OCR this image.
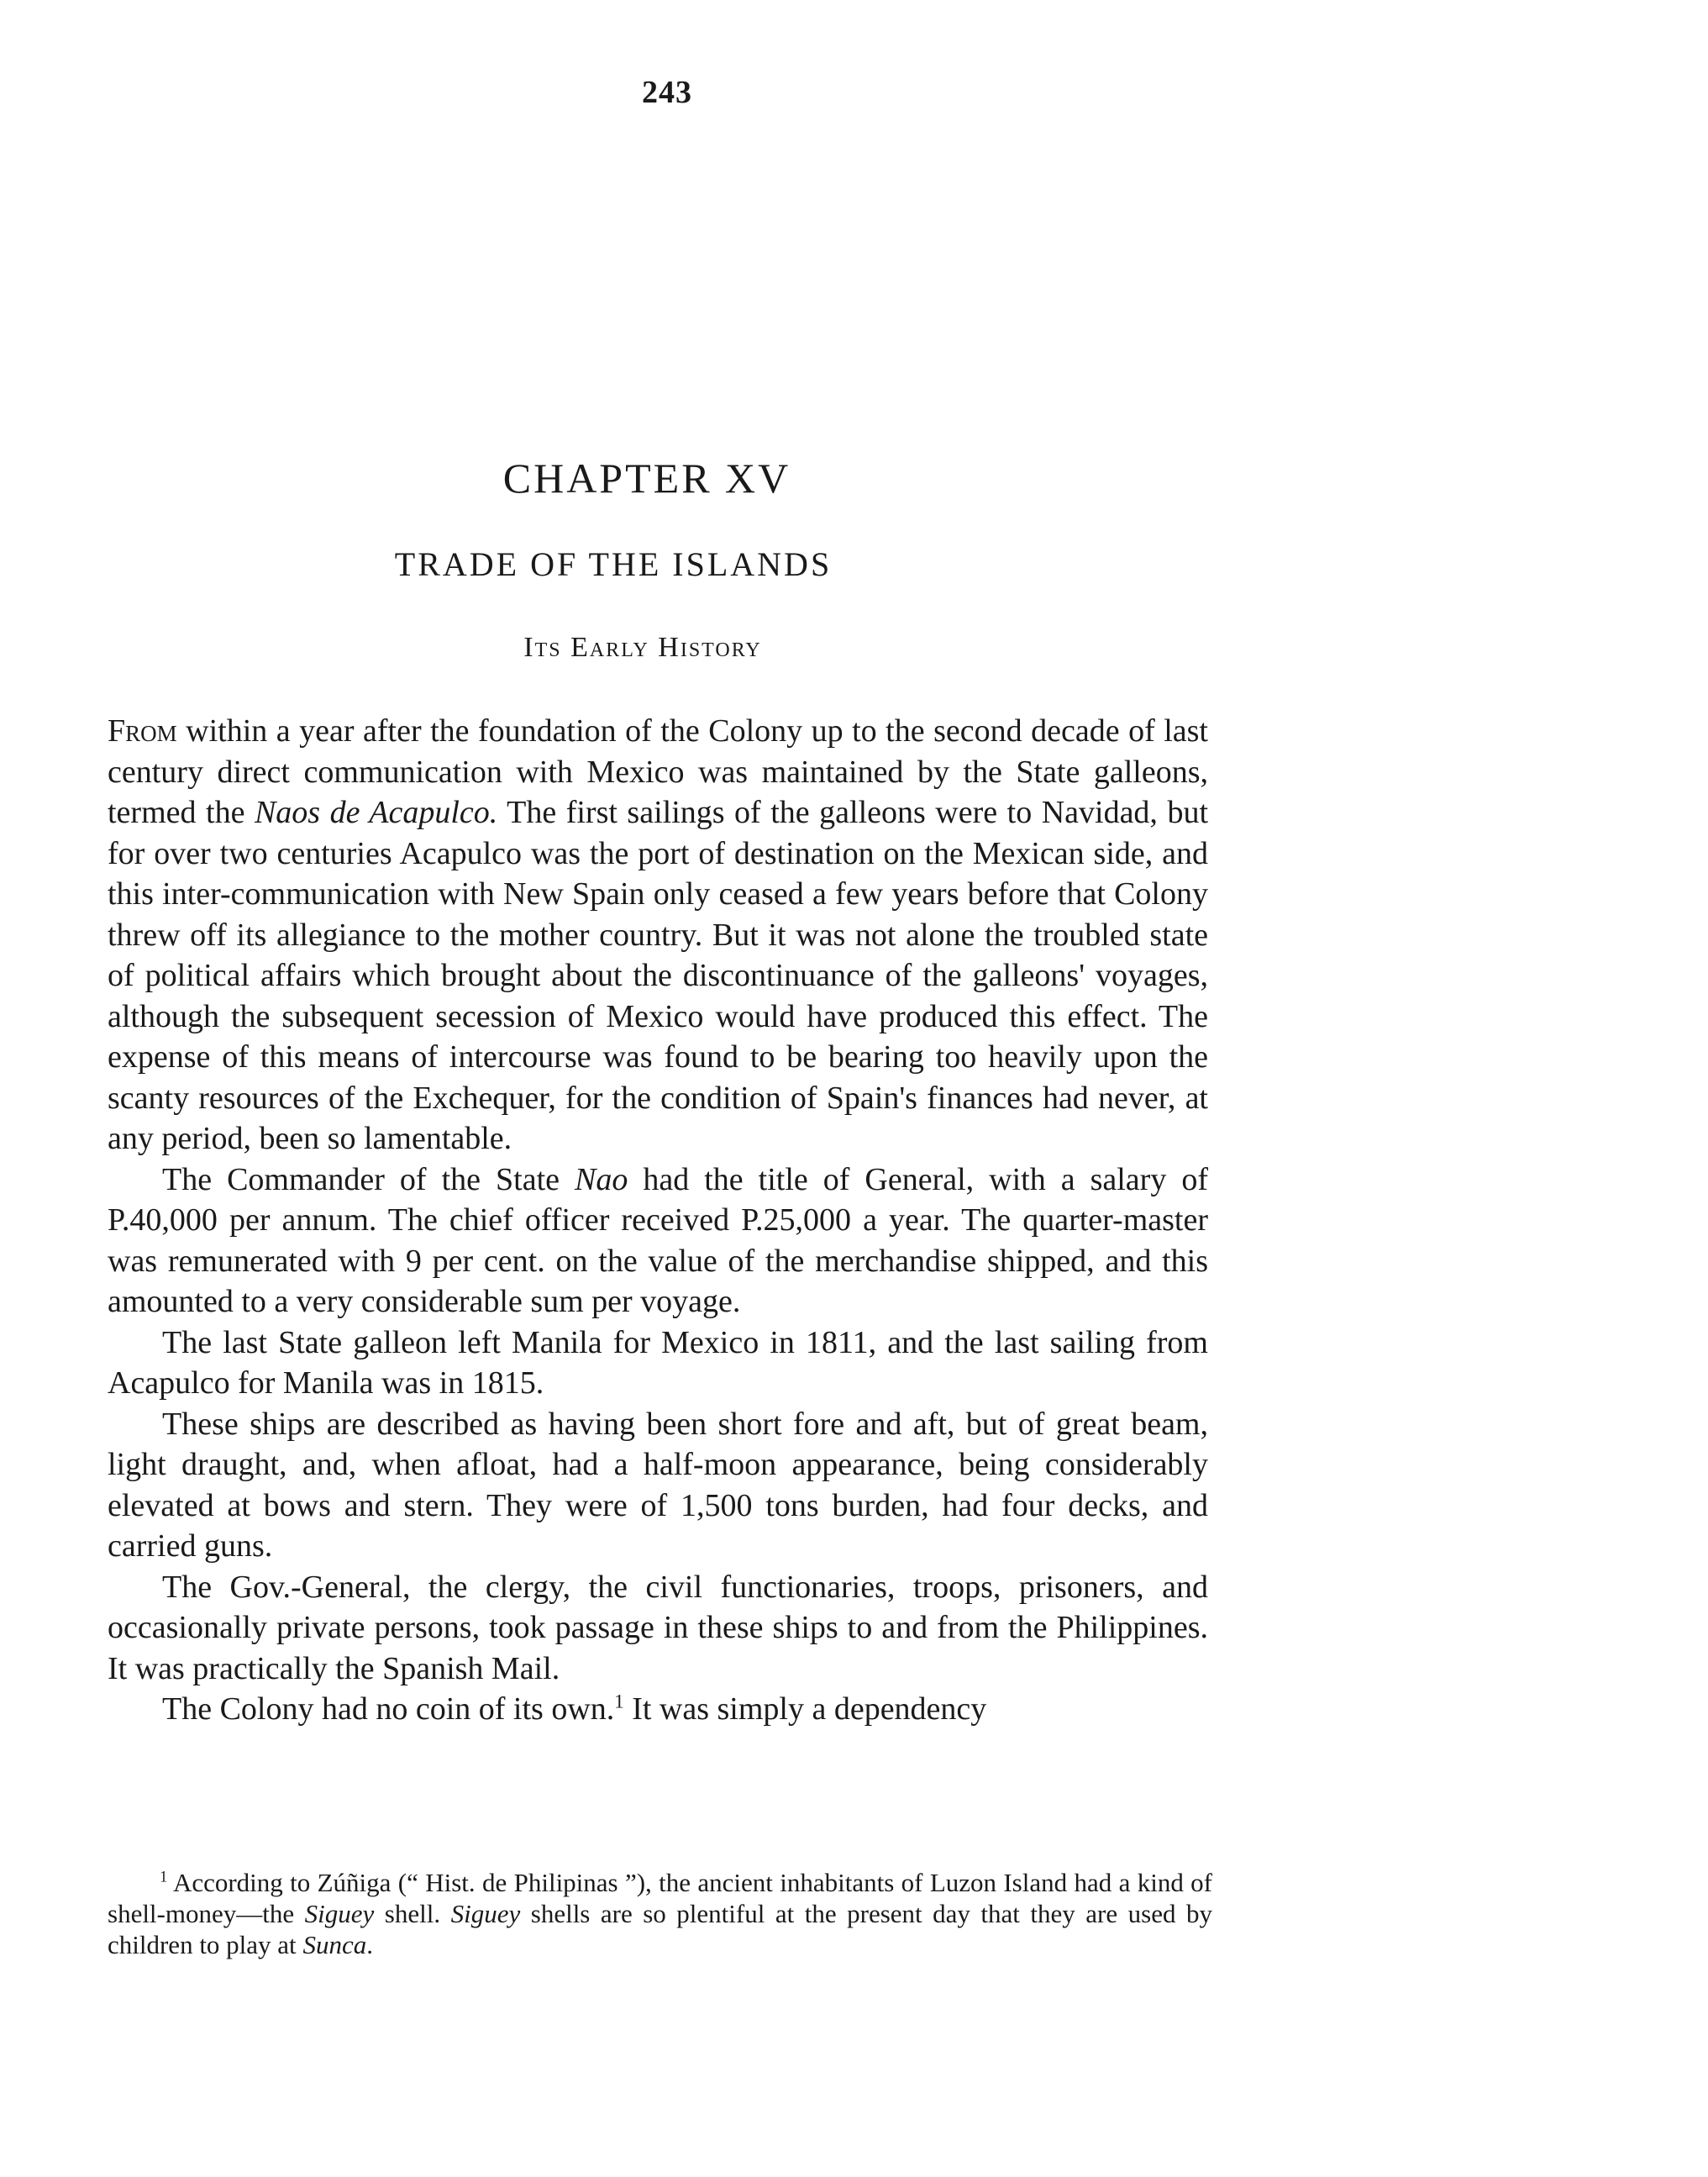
243
CHAPTER XV
TRADE OF THE ISLANDS
Its Early History

From within a year after the foundation of the Colony up to the second decade of last century direct communication with Mexico was maintained by the State galleons, termed the Naos de Acapulco. The first sailings of the galleons were to Navidad, but for over two centuries Acapulco was the port of destination on the Mexican side, and this inter-communication with New Spain only ceased a few years before that Colony threw off its allegiance to the mother country. But it was not alone the troubled state of political affairs which brought about the discontinuance of the galleons' voyages, although the subsequent secession of Mexico would have produced this effect. The expense of this means of intercourse was found to be bearing too heavily upon the scanty resources of the Exchequer, for the condition of Spain's finances had never, at any period, been so lamentable.

The Commander of the State Nao had the title of General, with a salary of P.40,000 per annum. The chief officer received P.25,000 a year. The quarter-master was remunerated with 9 per cent. on the value of the merchandise shipped, and this amounted to a very considerable sum per voyage.

The last State galleon left Manila for Mexico in 1811, and the last sailing from Acapulco for Manila was in 1815.

These ships are described as having been short fore and aft, but of great beam, light draught, and, when afloat, had a half-moon appearance, being considerably elevated at bows and stern. They were of 1,500 tons burden, had four decks, and carried guns.

The Gov.-General, the clergy, the civil functionaries, troops, prisoners, and occasionally private persons, took passage in these ships to and from the Philippines. It was practically the Spanish Mail.

The Colony had no coin of its own.$^1$ It was simply a dependency

$^1$ According to Zúñiga (“ Hist. de Philipinas ”), the ancient inhabitants of Luzon Island had a kind of shell-money—the Siguey shell. Siguey shells are so plentiful at the present day that they are used by children to play at Sunca.
